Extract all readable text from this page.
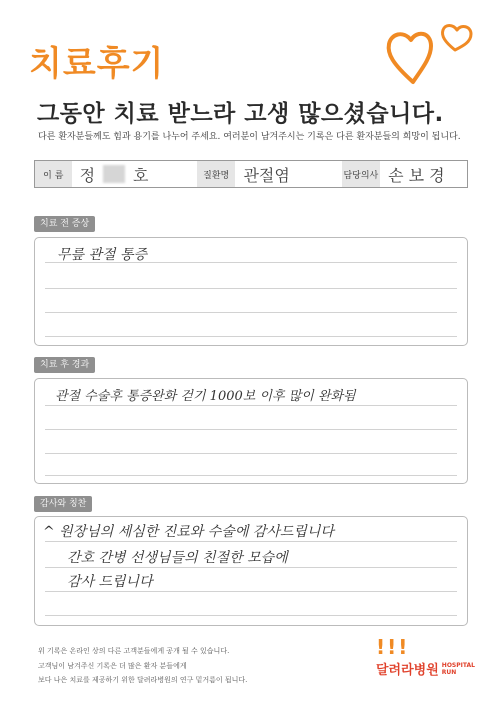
치료후기
그동안 치료 받느라 고생 많으셨습니다.
다른 환자분들께도 힘과 용기를 나누어 주세요. 여러분이 남겨주시는 기록은 다른 환자분들의 희망이 됩니다.
이 름	정 호	질환명 관절염	담당의사 손 보 경
치료 전 증상
무릎 관절 통증
치료 후 경과
관절 수술후 통증완화 걷기 1000보 이후 많이 완화됨
감사와 칭찬
^ 원장님의 세심한 진료와 수술에 감사드립니다
간호 간병 선생님들의 친절한 모습에
감사 드립니다
위 기록은 온라인 상의 다른 고객분들에게 공개 될 수 있습니다.
고객님이 남겨주신 기록은 더 많은 환자 분들에게
보다 나은 치료를 제공하기 위한 달려라병원의 연구 밑거름이 됩니다.
!!!
달려라병원 HOSPITAL
RUN
